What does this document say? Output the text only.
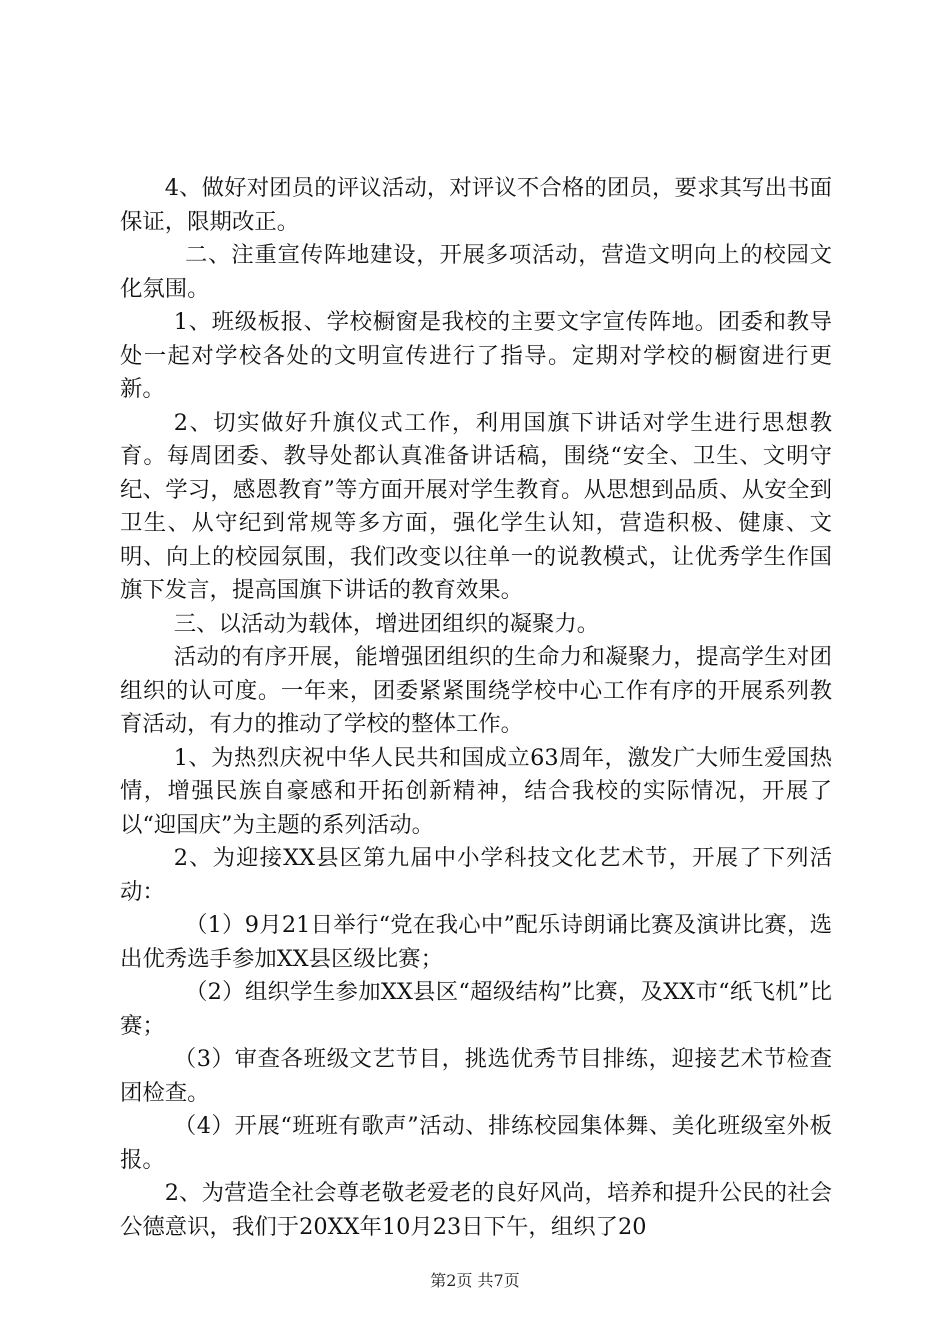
4、做好对团员的评议活动，对评议不合格的团员，要求其写出书面保证，限期改正。

二、注重宣传阵地建设，开展多项活动，营造文明向上的校园文化氛围。

1、班级板报、学校橱窗是我校的主要文字宣传阵地。团委和教导处一起对学校各处的文明宣传进行了指导。定期对学校的橱窗进行更新。

2、切实做好升旗仪式工作，利用国旗下讲话对学生进行思想教育。每周团委、教导处都认真准备讲话稿，围绕“安全、卫生、文明守纪、学习，感恩教育”等方面开展对学生教育。从思想到品质、从安全到卫生、从守纪到常规等多方面，强化学生认知，营造积极、健康、文明、向上的校园氛围，我们改变以往单一的说教模式，让优秀学生作国旗下发言，提高国旗下讲话的教育效果。

三、以活动为载体，增进团组织的凝聚力。

活动的有序开展，能增强团组织的生命力和凝聚力，提高学生对团组织的认可度。一年来，团委紧紧围绕学校中心工作有序的开展系列教育活动，有力的推动了学校的整体工作。

1、为热烈庆祝中华人民共和国成立63周年，激发广大师生爱国热情，增强民族自豪感和开拓创新精神，结合我校的实际情况，开展了以“迎国庆”为主题的系列活动。

2、为迎接XX县区第九届中小学科技文化艺术节，开展了下列活动：

（1）9月21日举行“党在我心中”配乐诗朗诵比赛及演讲比赛，选出优秀选手参加XX县区级比赛；

（2）组织学生参加XX县区“超级结构”比赛，及XX市“纸飞机”比赛；

（3）审查各班级文艺节目，挑选优秀节目排练，迎接艺术节检查团检查。

（4）开展“班班有歌声”活动、排练校园集体舞、美化班级室外板报。

2、为营造全社会尊老敬老爱老的良好风尚，培养和提升公民的社会公德意识，我们于20XX年10月23日下午，组织了20

第2页 共7页
